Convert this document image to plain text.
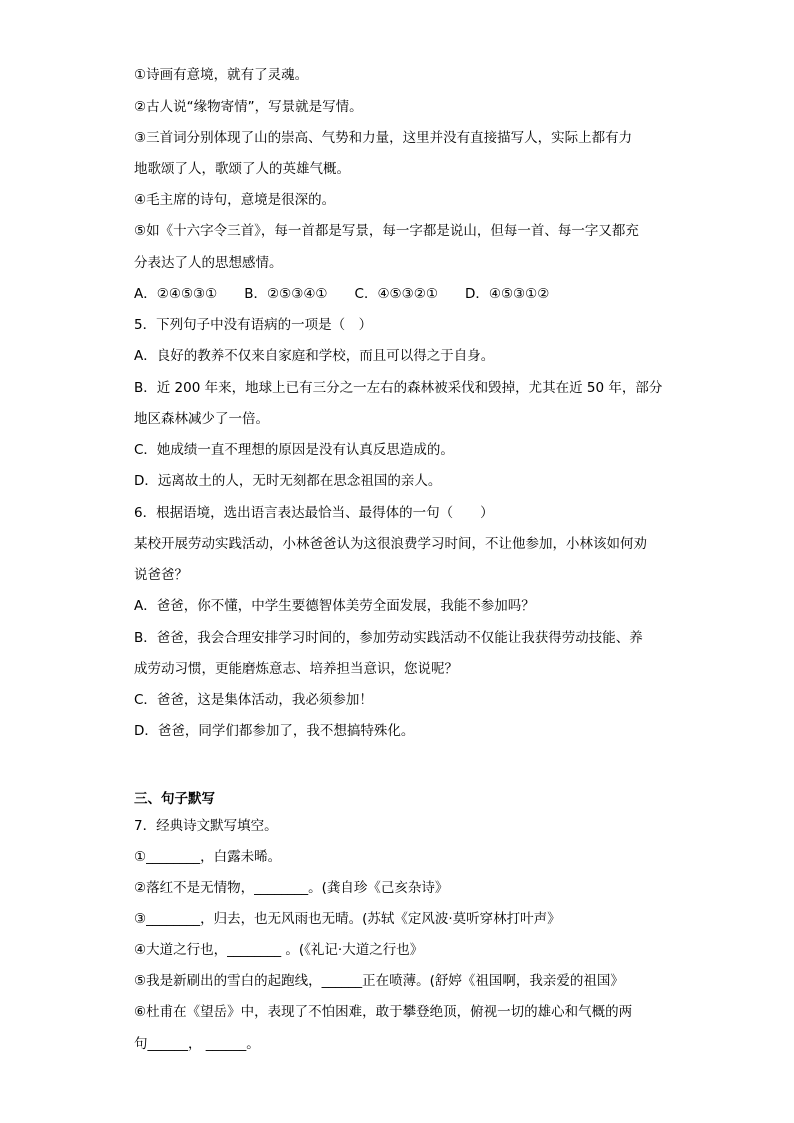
①诗画有意境，就有了灵魂。
②古人说“缘物寄情”，写景就是写情。
③三首词分别体现了山的崇高、气势和力量，这里并没有直接描写人，实际上都有力
地歌颂了人，歌颂了人的英雄气概。
④毛主席的诗句，意境是很深的。
⑤如《十六字令三首》，每一首都是写景，每一字都是说山，但每一首、每一字又都充
分表达了人的思想感情。
A．②④⑤③①　　B．②⑤③④①　　C．④⑤③②①　　D．④⑤③①②
5．下列句子中没有语病的一项是（　）
A．良好的教养不仅来自家庭和学校，而且可以得之于自身。
B．近 200 年来，地球上已有三分之一左右的森林被采伐和毁掉，尤其在近 50 年，部分
地区森林减少了一倍。
C．她成绩一直不理想的原因是没有认真反思造成的。
D．远离故土的人，无时无刻都在思念祖国的亲人。
6．根据语境，选出语言表达最恰当、最得体的一句（　　）
某校开展劳动实践活动，小林爸爸认为这很浪费学习时间，不让他参加，小林该如何劝
说爸爸？
A．爸爸，你不懂，中学生要德智体美劳全面发展，我能不参加吗？
B．爸爸，我会合理安排学习时间的，参加劳动实践活动不仅能让我获得劳动技能、养
成劳动习惯，更能磨炼意志、培养担当意识，您说呢？
C．爸爸，这是集体活动，我必须参加！
D．爸爸，同学们都参加了，我不想搞特殊化。
三、句子默写
7．经典诗文默写填空。
①________，白露未晞。
②落红不是无情物，________。(龚自珍《己亥杂诗》
③________，归去，也无风雨也无晴。(苏轼《定风波·莫听穿林打叶声》
④大道之行也，________ 。(《礼记·大道之行也》
⑤我是新刷出的雪白的起跑线，______正在喷薄。(舒婷《祖国啊，我亲爱的祖国》
⑥杜甫在《望岳》中，表现了不怕困难，敢于攀登绝顶，俯视一切的雄心和气概的两
句______， ______。
